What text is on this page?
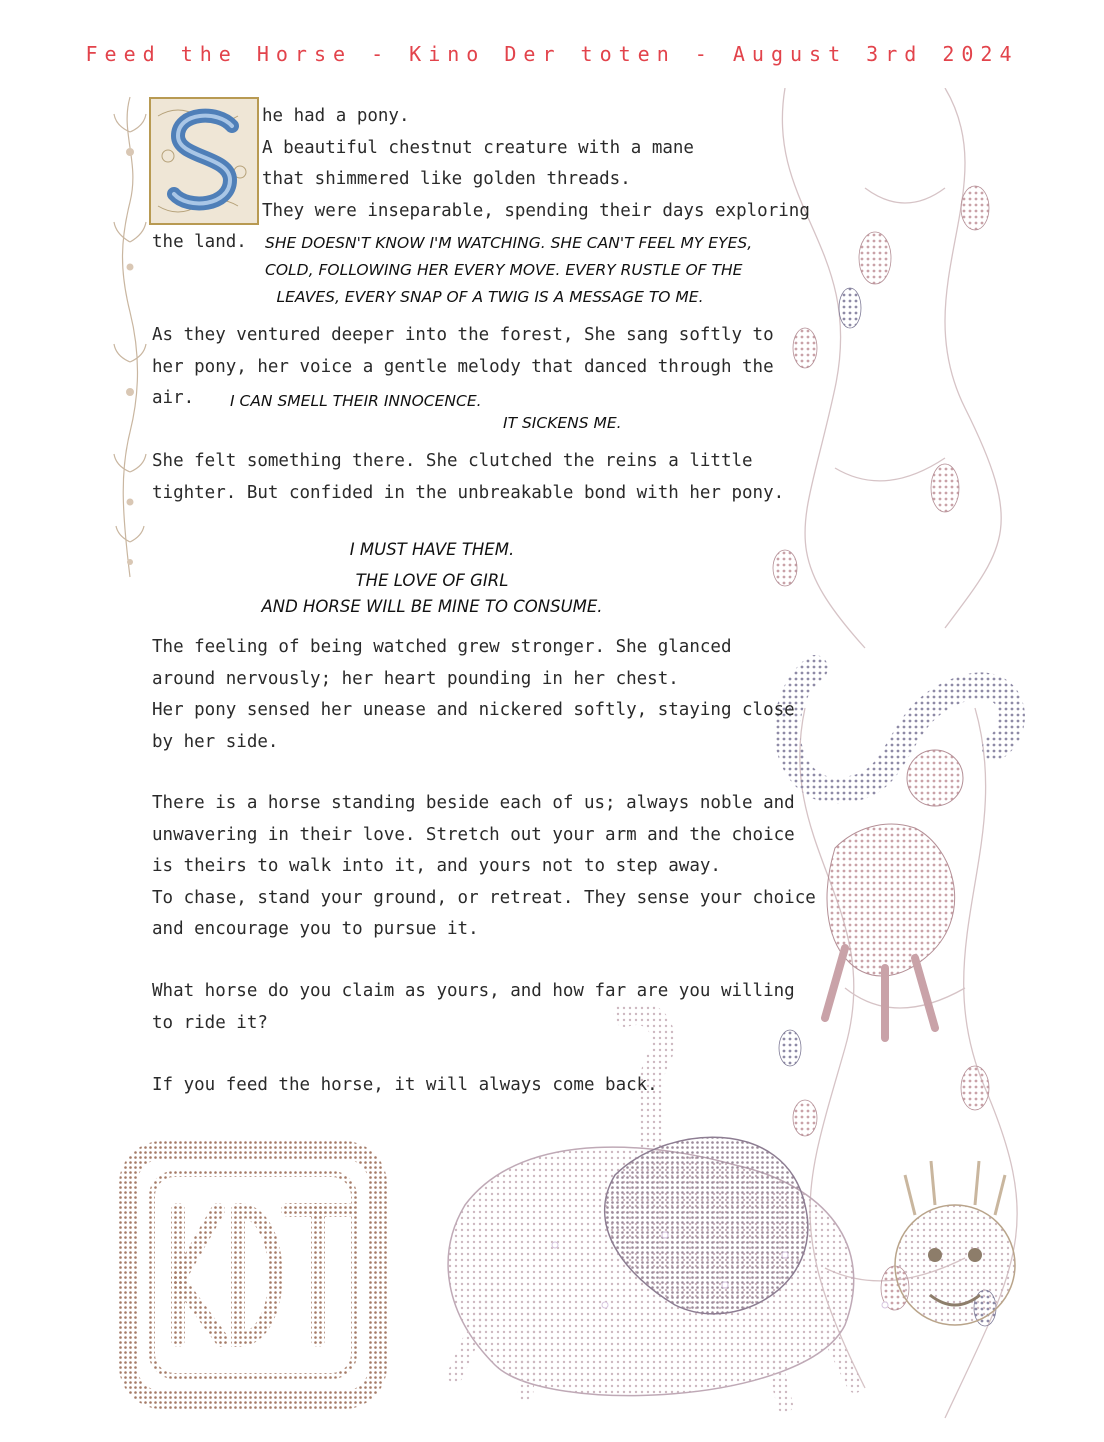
Feed the Horse - Kino Der toten - August 3rd 2024
he had a pony.
A beautiful chestnut creature with a mane
that shimmered like golden threads.
They were inseparable, spending their days exploring
the land. SHE DOESN'T KNOW I'M WATCHING. SHE CAN'T FEEL MY EYES,
COLD, FOLLOWING HER EVERY MOVE. EVERY RUSTLE OF THE
LEAVES, EVERY SNAP OF A TWIG IS A MESSAGE TO ME.
As they ventured deeper into the forest, She sang softly to
her pony, her voice a gentle melody that danced through the
air.	I CAN SMELL THEIR INNOCENCE.
IT SICKENS ME.
She felt something there. She clutched the reins a little
tighter. But confided in the unbreakable bond with her pony.
I MUST HAVE THEM.
THE LOVE OF GIRL
AND HORSE WILL BE MINE TO CONSUME.
The feeling of being watched grew stronger. She glanced
around nervously; her heart pounding in her chest.
Her pony sensed her unease and nickered softly, staying close
by her side.
There is a horse standing beside each of us; always noble and
unwavering in their love. Stretch out your arm and the choice
is theirs to walk into it, and yours not to step away.
To chase, stand your ground, or retreat. They sense your choice
and encourage you to pursue it.
What horse do you claim as yours, and how far are you willing
to ride it?
If you feed the horse, it will always come back.
